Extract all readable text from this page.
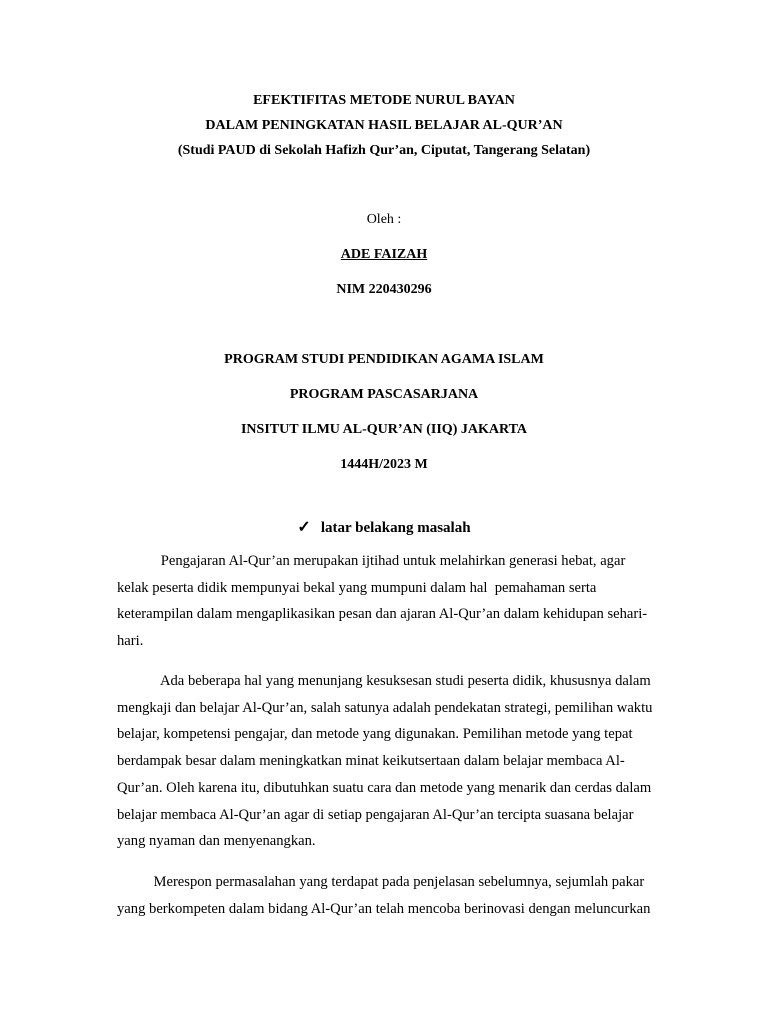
EFEKTIFITAS METODE NURUL BAYAN
DALAM PENINGKATAN HASIL BELAJAR AL-QUR’AN
(Studi PAUD di Sekolah Hafizh Qur’an, Ciputat, Tangerang Selatan)
Oleh :
ADE FAIZAH
NIM 220430296
PROGRAM STUDI PENDIDIKAN AGAMA ISLAM
PROGRAM PASCASARJANA
INSITUT ILMU AL-QUR’AN (IIQ) JAKARTA
1444H/2023 M
✓ latar belakang masalah

Pengajaran Al-Qur’an merupakan ijtihad untuk melahirkan generasi hebat, agar

kelak peserta didik mempunyai bekal yang mumpuni dalam hal  pemahaman serta

keterampilan dalam mengaplikasikan pesan dan ajaran Al-Qur’an dalam kehidupan sehari-

hari.

Ada beberapa hal yang menunjang kesuksesan studi peserta didik, khususnya dalam

mengkaji dan belajar Al-Qur’an, salah satunya adalah pendekatan strategi, pemilihan waktu

belajar, kompetensi pengajar, dan metode yang digunakan. Pemilihan metode yang tepat

berdampak besar dalam meningkatkan minat keikutsertaan dalam belajar membaca Al-

Qur’an. Oleh karena itu, dibutuhkan suatu cara dan metode yang menarik dan cerdas dalam

belajar membaca Al-Qur’an agar di setiap pengajaran Al-Qur’an tercipta suasana belajar

yang nyaman dan menyenangkan.

Merespon permasalahan yang terdapat pada penjelasan sebelumnya, sejumlah pakar

yang berkompeten dalam bidang Al-Qur’an telah mencoba berinovasi dengan meluncurkan
